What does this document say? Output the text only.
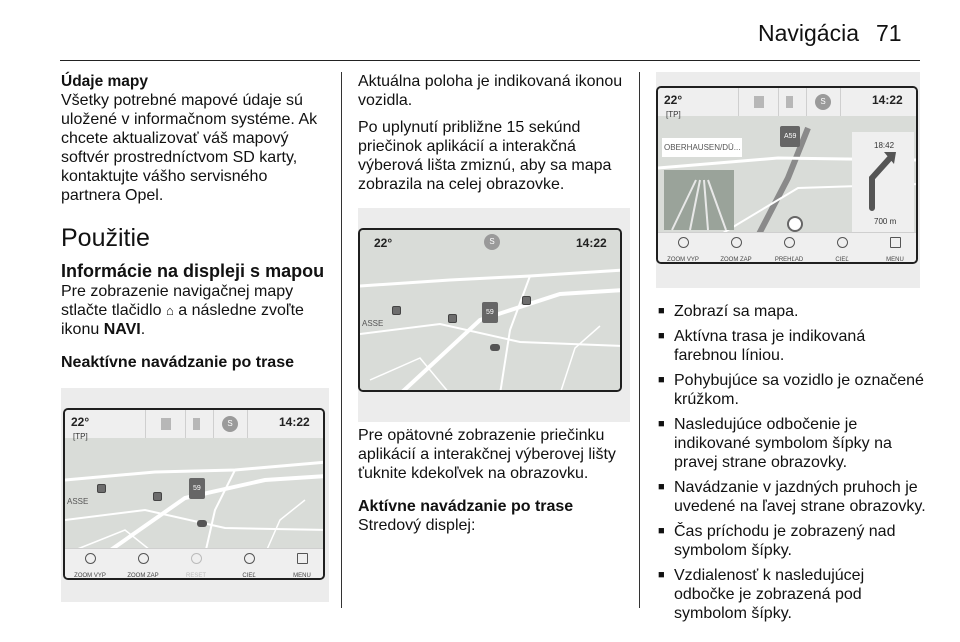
Navigácia 71
Údaje mapy

Všetky potrebné mapové údaje sú uložené v informačnom systéme. Ak chcete aktualizovať váš mapový softvér prostredníctvom SD karty, kontaktujte vášho servisného partnera Opel.

Použitie
Informácie na displeji s mapou

Pre zobrazenie navigačnej mapy stlačte tlačidlo ⌂ a následne zvoľte ikonu NAVI.

Neaktívne navádzanie po trase
22°
[TP]
S	14:22
ASSE
59
ZOOM VYP	ZOOM ZAP	RESET	CIEĽ	MENU

Aktuálna poloha je indikovaná ikonou vozidla.

Po uplynutí približne 15 sekúnd priečinok aplikácií a interakčná výberová lišta zmiznú, aby sa mapa zobrazila na celej obrazovke.

22°	S	14:22
ASSE
59

Pre opätovné zobrazenie priečinku aplikácií a interakčnej výberovej lišty ťuknite kdekoľvek na obrazovku.

Aktívne navádzanie po trase

Stredový displej:

22°
[TP]
S	14:22
OBERHAUSEN/DÜ...
A59
18:42
700 m
ZOOM VYP	ZOOM ZAP	PREHĽAD	CIEĽ	MENU
■ Zobrazí sa mapa.
■ Aktívna trasa je indikovaná farebnou líniou.
■ Pohybujúce sa vozidlo je označené krúžkom.
■ Nasledujúce odbočenie je indikované symbolom šípky na pravej strane obrazovky.
■ Navádzanie v jazdných pruhoch je uvedené na ľavej strane obrazovky.
■ Čas príchodu je zobrazený nad symbolom šípky.
■ Vzdialenosť k nasledujúcej odbočke je zobrazená pod symbolom šípky.
